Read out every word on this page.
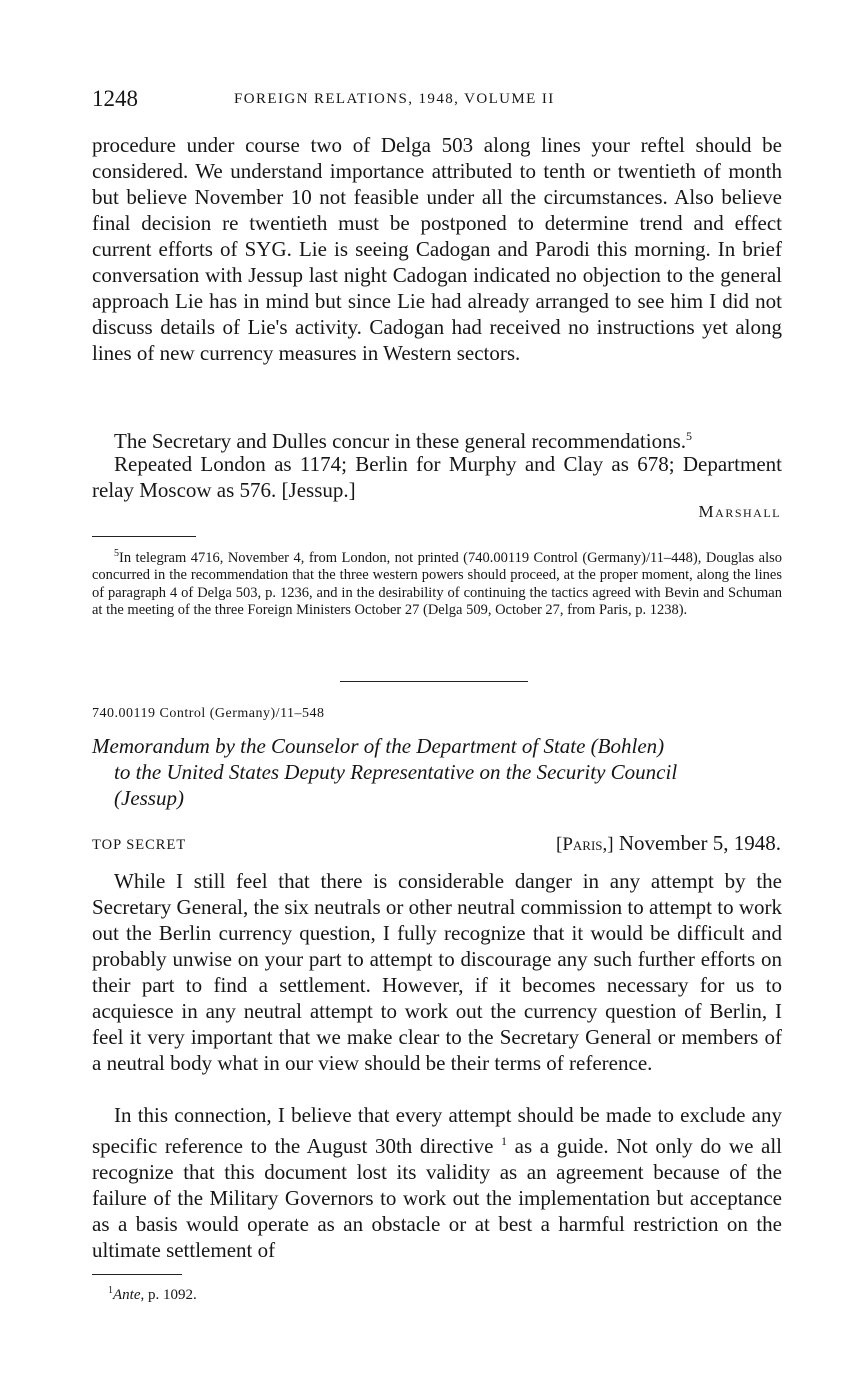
1248	FOREIGN RELATIONS, 1948, VOLUME II

procedure under course two of Delga 503 along lines your reftel should be considered. We understand importance attributed to tenth or twentieth of month but believe November 10 not feasible under all the circumstances. Also believe final decision re twentieth must be postponed to determine trend and effect current efforts of SYG. Lie is seeing Cadogan and Parodi this morning. In brief conversation with Jessup last night Cadogan indicated no objection to the general approach Lie has in mind but since Lie had already arranged to see him I did not discuss details of Lie's activity. Cadogan had received no instructions yet along lines of new currency measures in Western sectors.

The Secretary and Dulles concur in these general recommendations.$^5$

Repeated London as 1174; Berlin for Murphy and Clay as 678; Department relay Moscow as 576. [Jessup.]

Marshall
$^5$In telegram 4716, November 4, from London, not printed (740.00119 Control (Germany)/11–448), Douglas also concurred in the recommendation that the three western powers should proceed, at the proper moment, along the lines of paragraph 4 of Delga 503, p. 1236, and in the desirability of continuing the tactics agreed with Bevin and Schuman at the meeting of the three Foreign Ministers October 27 (Delga 509, October 27, from Paris, p. 1238).
740.00119 Control (Germany)/11–548
Memorandum by the Counselor of the Department of State (Bohlen)
to the United States Deputy Representative on the Security Council
(Jessup)
TOP SECRET	[Paris,] November 5, 1948.

While I still feel that there is considerable danger in any attempt by the Secretary General, the six neutrals or other neutral commission to attempt to work out the Berlin currency question, I fully recognize that it would be difficult and probably unwise on your part to attempt to discourage any such further efforts on their part to find a settlement. However, if it becomes necessary for us to acquiesce in any neutral attempt to work out the currency question of Berlin, I feel it very important that we make clear to the Secretary General or members of a neutral body what in our view should be their terms of reference.

In this connection, I believe that every attempt should be made to exclude any specific reference to the August 30th directive $^1$ as a guide. Not only do we all recognize that this document lost its validity as an agreement because of the failure of the Military Governors to work out the implementation but acceptance as a basis would operate as an obstacle or at best a harmful restriction on the ultimate settlement of

$^1$Ante, p. 1092.
